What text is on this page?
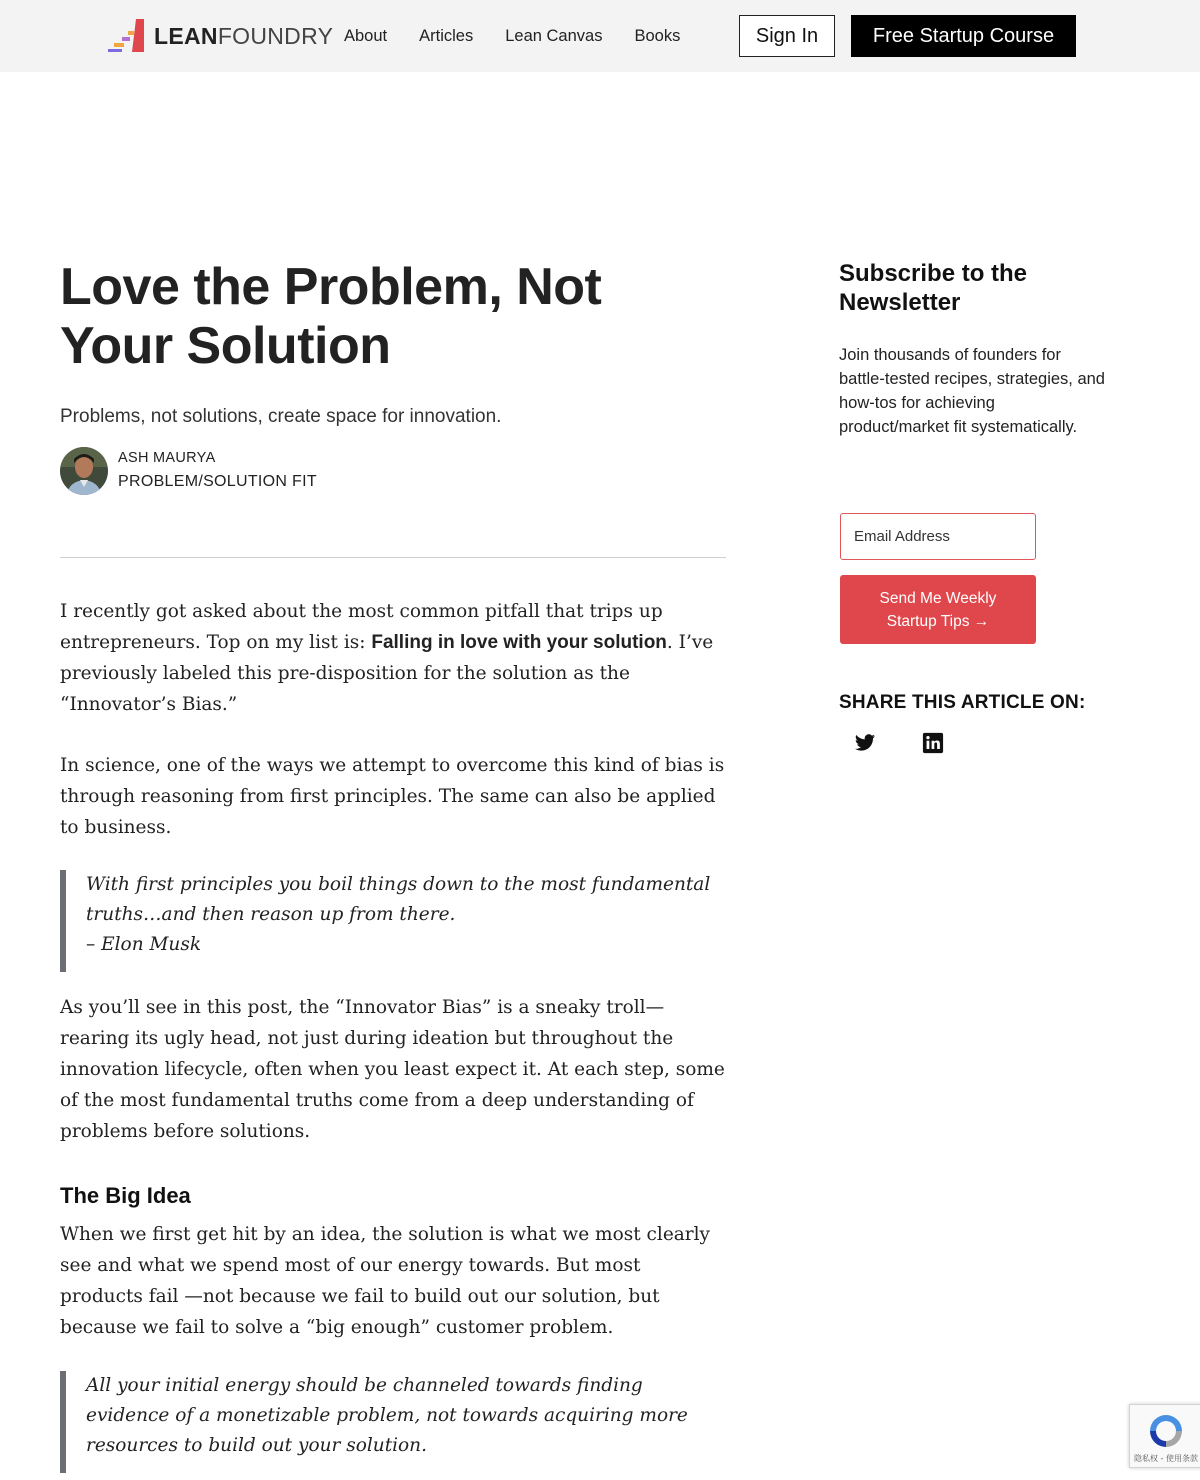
LEANFOUNDRY About Articles Lean Canvas Books	Sign In	Free Startup Course
Love the Problem, Not Your Solution
Problems, not solutions, create space for innovation.
ASH MAURYA
PROBLEM/SOLUTION FIT

I recently got asked about the most common pitfall that trips up entrepreneurs. Top on my list is: Falling in love with your solution. I’ve previously labeled this pre-disposition for the solution as the “Innovator’s Bias.”

In science, one of the ways we attempt to overcome this kind of bias is through reasoning from first principles. The same can also be applied to business.

With first principles you boil things down to the most fundamental truths…and then reason up from there.
– Elon Musk

As you’ll see in this post, the “Innovator Bias” is a sneaky troll—rearing its ugly head, not just during ideation but throughout the innovation lifecycle, often when you least expect it. At each step, some of the most fundamental truths come from a deep understanding of problems before solutions.

The Big Idea

When we first get hit by an idea, the solution is what we most clearly see and what we spend most of our energy towards. But most products fail —not because we fail to build out our solution, but because we fail to solve a “big enough” customer problem.

All your initial energy should be channeled towards finding evidence of a monetizable problem, not towards acquiring more resources to build out your solution.
Subscribe to the Newsletter
Join thousands of founders for battle-tested recipes, strategies, and how-tos for achieving product/market fit systematically.
Email Address
Send Me Weekly Startup Tips →
SHARE THIS ARTICLE ON:
隐私权 - 使用条款
